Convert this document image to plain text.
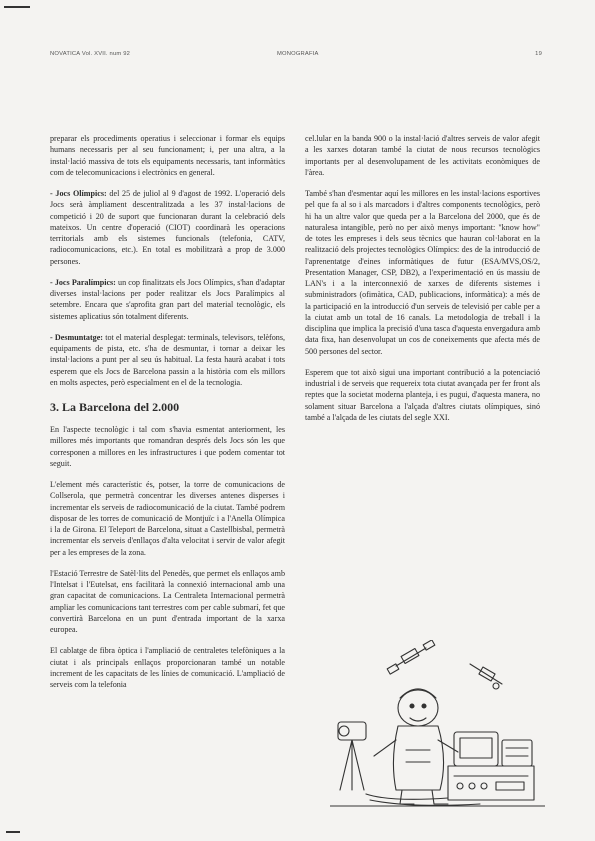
NOVATICA Vol. XVII. num 92	MONOGRAFIA	19

preparar els procediments operatius i seleccionar i formar els equips humans necessaris per al seu funcionament; i, per una altra, a la instal·lació massiva de tots els equipaments necessaris, tant informàtics com de telecomunicacions i electrònics en general.

- Jocs Olímpics: del 25 de juliol al 9 d'agost de 1992. L'operació dels Jocs serà àmpliament descentralitzada a les 37 instal·lacions de competició i 20 de suport que funcionaran durant la celebració dels mateixos. Un centre d'operació (CIOT) coordinarà les operacions territorials amb els sistemes funcionals (telefonia, CATV, radiocomunicacions, etc.). En total es mobilitzarà a prop de 3.000 persones.

- Jocs Paralímpics: un cop finalitzats els Jocs Olímpics, s'han d'adaptar diverses instal·lacions per poder realitzar els Jocs Paralímpics al setembre. Encara que s'aprofita gran part del material tecnològic, els sistemes aplicatius són totalment diferents.

- Desmuntatge: tot el material desplegat: terminals, televisors, telèfons, equipaments de pista, etc. s'ha de desmuntar, i tornar a deixar les instal·lacions a punt per al seu ús habitual. La festa haurà acabat i tots esperem que els Jocs de Barcelona passin a la història com els millors en molts aspectes, però especialment en el de la tecnologia.

3. La Barcelona del 2.000

En l'aspecte tecnològic i tal com s'havia esmentat anteriorment, les millores més importants que romandran després dels Jocs són les que corresponen a millores en les infrastructures i que podem comentar tot seguit.

L'element més característic és, potser, la torre de comunicacions de Collserola, que permetrà concentrar les diverses antenes disperses i incrementar els serveis de radiocomunicació de la ciutat. També podrem disposar de les torres de comunicació de Montjuïc i a l'Anella Olímpica i la de Girona. El Teleport de Barcelona, situat a Castellbisbal, permetrà incrementar els serveis d'enllaços d'alta velocitat i servir de valor afegit per a les empreses de la zona.

l'Estació Terrestre de Satèl·lits del Penedès, que permet els enllaços amb l'Intelsat i l'Eutelsat, ens facilitarà la connexió internacional amb una gran capacitat de comunicacions. La Centraleta Internacional permetrà ampliar les comunicacions tant terrestres com per cable submarí, fet que convertirà Barcelona en un punt d'entrada important de la xarxa europea.

El cablatge de fibra òptica i l'ampliació de centraletes telefòniques a la ciutat i als principals enllaços proporcionaran també un notable increment de les capacitats de les línies de comunicació. L'ampliació de serveis com la telefonia

cel.lular en la banda 900 o la instal·lació d'altres serveis de valor afegit a les xarxes dotaran també la ciutat de nous recursos tecnològics importants per al desenvolupament de les activitats econòmiques de l'àrea.

També s'han d'esmentar aquí les millores en les instal·lacions esportives pel que fa al so i als marcadors i d'altres components tecnològics, però hi ha un altre valor que queda per a la Barcelona del 2000, que és de naturalesa intangible, però no per això menys important: "know how" de totes les empreses i dels seus tècnics que hauran col·laborat en la realització dels projectes tecnològics Olímpics: des de la introducció de l'aprenentatge d'eines informàtiques de futur (ESA/MVS,OS/2, Presentation Manager, CSP, DB2), a l'experimentació en ús massiu de LAN's i a la interconnexió de xarxes de diferents sistemes i subministradors (ofimàtica, CAD, publicacions, informàtica): a més de la participació en la introducció d'un serveis de televisió per cable per a la ciutat amb un total de 16 canals. La metodologia de treball i la disciplina que implica la precisió d'una tasca d'aquesta envergadura amb data fixa, han desenvolupat un cos de coneixements que afecta més de 500 persones del sector.

Esperem que tot això sigui una important contribució a la potenciació industrial i de serveis que requereix tota ciutat avançada per fer front als reptes que la societat moderna planteja, i es pugui, d'aquesta manera, no solament situar Barcelona a l'alçada d'altres ciutats olímpiques, sinó també a l'alçada de les ciutats del segle XXI.
